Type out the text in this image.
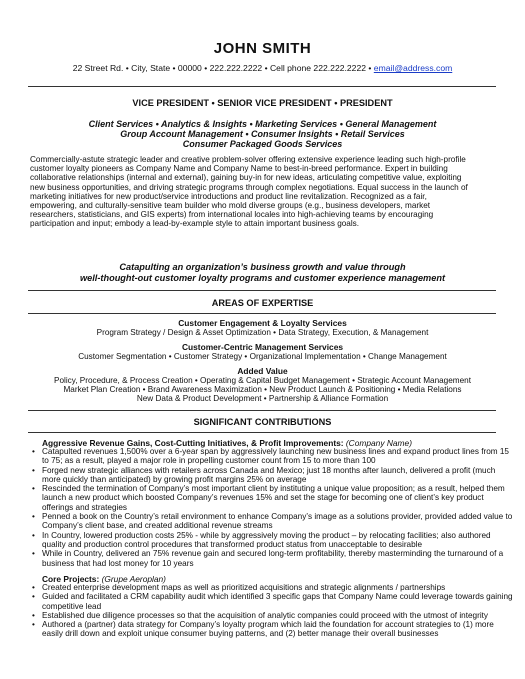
JOHN SMITH
22 Street Rd. • City, State • 00000 • 222.222.2222 • Cell phone 222.222.2222 • email@address.com
VICE PRESIDENT • SENIOR VICE PRESIDENT • PRESIDENT
Client Services • Analytics & Insights • Marketing Services • General Management
Group Account Management • Consumer Insights • Retail Services
Consumer Packaged Goods Services
Commercially-astute strategic leader and creative problem-solver offering extensive experience leading such high-profile
customer loyalty pioneers as Company Name and Company Name to best-in-breed performance. Expert in building
collaborative relationships (internal and external), gaining buy-in for new ideas, articulating competitive value, exploiting
new business opportunities, and driving strategic programs through complex negotiations. Equal success in the launch of
marketing initiatives for new product/service introductions and product line revitalization. Recognized as a fair,
empowering, and culturally-sensitive team builder who mold diverse groups (e.g., business developers, market
researchers, statisticians, and GIS experts) from international locales into high-achieving teams by encouraging
participation and input; embody a lead-by-example style to attain important business goals.
Catapulting an organization’s business growth and value through
well-thought-out customer loyalty programs and customer experience management
AREAS OF EXPERTISE
Customer Engagement & Loyalty Services
Program Strategy / Design & Asset Optimization • Data Strategy, Execution, & Management
Customer-Centric Management Services
Customer Segmentation • Customer Strategy • Organizational Implementation • Change Management
Added Value
Policy, Procedure, & Process Creation • Operating & Capital Budget Management • Strategic Account Management
Market Plan Creation • Brand Awareness Maximization • New Product Launch & Positioning • Media Relations
New Data & Product Development • Partnership & Alliance Formation
SIGNIFICANT CONTRIBUTIONS
Aggressive Revenue Gains, Cost-Cutting Initiatives, & Profit Improvements: (Company Name)
• Catapulted revenues 1,500% over a 6-year span by aggressively launching new business lines and expand product lines from 15 to 75; as a result, played a major role in propelling customer count from 15 to more than 100
• Forged new strategic alliances with retailers across Canada and Mexico; just 18 months after launch, delivered a profit (much more quickly than anticipated) by growing profit margins 25% on average
• Rescinded the termination of Company’s most important client by instituting a unique value proposition; as a result, helped them launch a new product which boosted Company’s revenues 15% and set the stage for becoming one of client’s key product offerings and strategies
• Penned a book on the Country’s retail environment to enhance Company’s image as a solutions provider, provided added value to Company’s client base, and created additional revenue streams
• In Country, lowered production costs 25% - while by aggressively moving the product – by relocating facilities; also authored quality and production control procedures that transformed product status from unacceptable to desirable
• While in Country, delivered an 75% revenue gain and secured long-term profitability, thereby masterminding the turnaround of a business that had lost money for 10 years
Core Projects: (Grupe Aeroplan)
• Created enterprise development maps as well as prioritized acquisitions and strategic alignments / partnerships
• Guided and facilitated a CRM capability audit which identified 3 specific gaps that Company Name could leverage towards gaining competitive lead
• Established due diligence processes so that the acquisition of analytic companies could proceed with the utmost of integrity
• Authored a (partner) data strategy for Company’s loyalty program which laid the foundation for account strategies to (1) more easily drill down and exploit unique consumer buying patterns, and (2) better manage their overall businesses
